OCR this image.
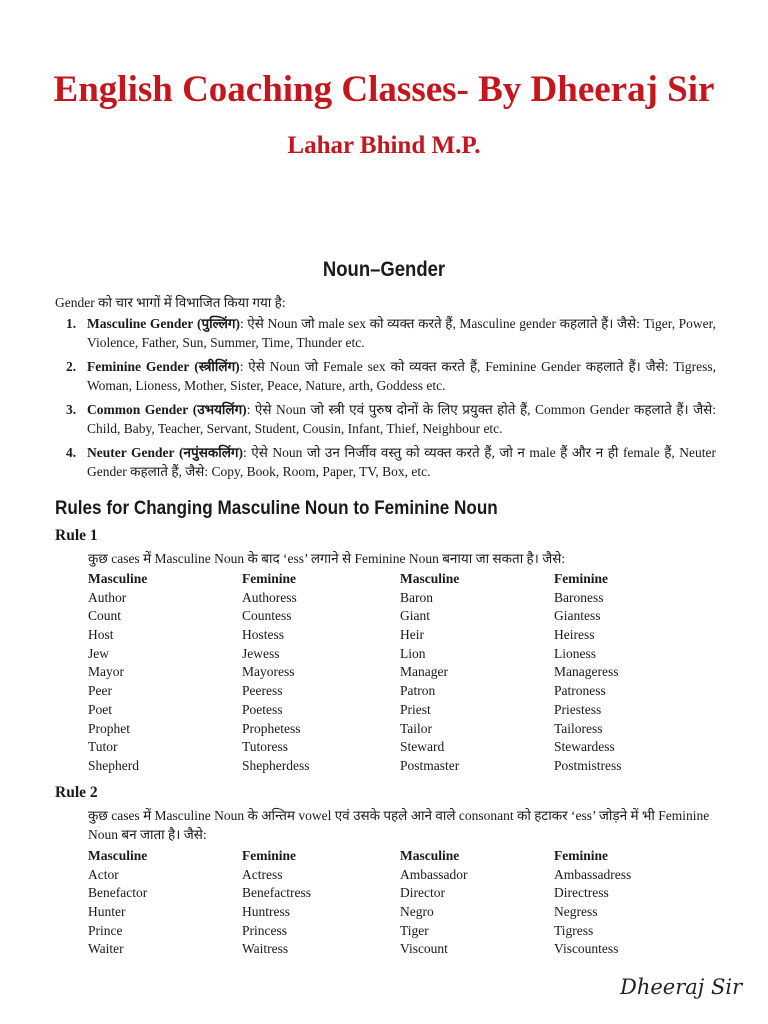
English Coaching Classes- By Dheeraj Sir
Lahar Bhind M.P.
Noun–Gender
Gender को चार भागों में विभाजित किया गया है:
1. Masculine Gender (पुल्लिंग): ऐसे Noun जो male sex को व्यक्त करते हैं, Masculine gender कहलाते हैं। जैसे: Tiger, Power, Violence, Father, Sun, Summer, Time, Thunder etc.
2. Feminine Gender (स्त्रीलिंग): ऐसे Noun जो Female sex को व्यक्त करते हैं, Feminine Gender कहलाते हैं। जैसे: Tigress, Woman, Lioness, Mother, Sister, Peace, Nature, arth, Goddess etc.
3. Common Gender (उभयलिंग): ऐसे Noun जो स्त्री एवं पुरुष दोनों के लिए प्रयुक्त होते हैं, Common Gender कहलाते हैं। जैसे: Child, Baby, Teacher, Servant, Student, Cousin, Infant, Thief, Neighbour etc.
4. Neuter Gender (नपुंसकलिंग): ऐसे Noun जो उन निर्जीव वस्तु को व्यक्त करते हैं, जो न male हैं और न ही female हैं, Neuter Gender कहलाते हैं, जैसे: Copy, Book, Room, Paper, TV, Box, etc.
Rules for Changing Masculine Noun to Feminine Noun
Rule 1

कुछ cases में Masculine Noun के बाद ‘ess’ लगाने से Feminine Noun बनाया जा सकता है। जैसे:

Masculine	Feminine	Masculine	Feminine
Author	Authoress	Baron	Baroness
Count	Countess	Giant	Giantess
Host	Hostess	Heir	Heiress
Jew	Jewess	Lion	Lioness
Mayor	Mayoress	Manager	Manageress
Peer	Peeress	Patron	Patroness
Poet	Poetess	Priest	Priestess
Prophet	Prophetess	Tailor	Tailoress
Tutor	Tutoress	Steward	Stewardess
Shepherd	Shepherdess	Postmaster	Postmistress
Rule 2

कुछ cases में Masculine Noun के अन्तिम vowel एवं उसके पहले आने वाले consonant को हटाकर ‘ess’ जोड़ने में भी Feminine Noun बन जाता है। जैसे:

Masculine	Feminine	Masculine	Feminine
Actor	Actress	Ambassador	Ambassadress
Benefactor	Benefactress	Director	Directress
Hunter	Huntress	Negro	Negress
Prince	Princess	Tiger	Tigress
Waiter	Waitress	Viscount	Viscountess
Dheeraj Sir
